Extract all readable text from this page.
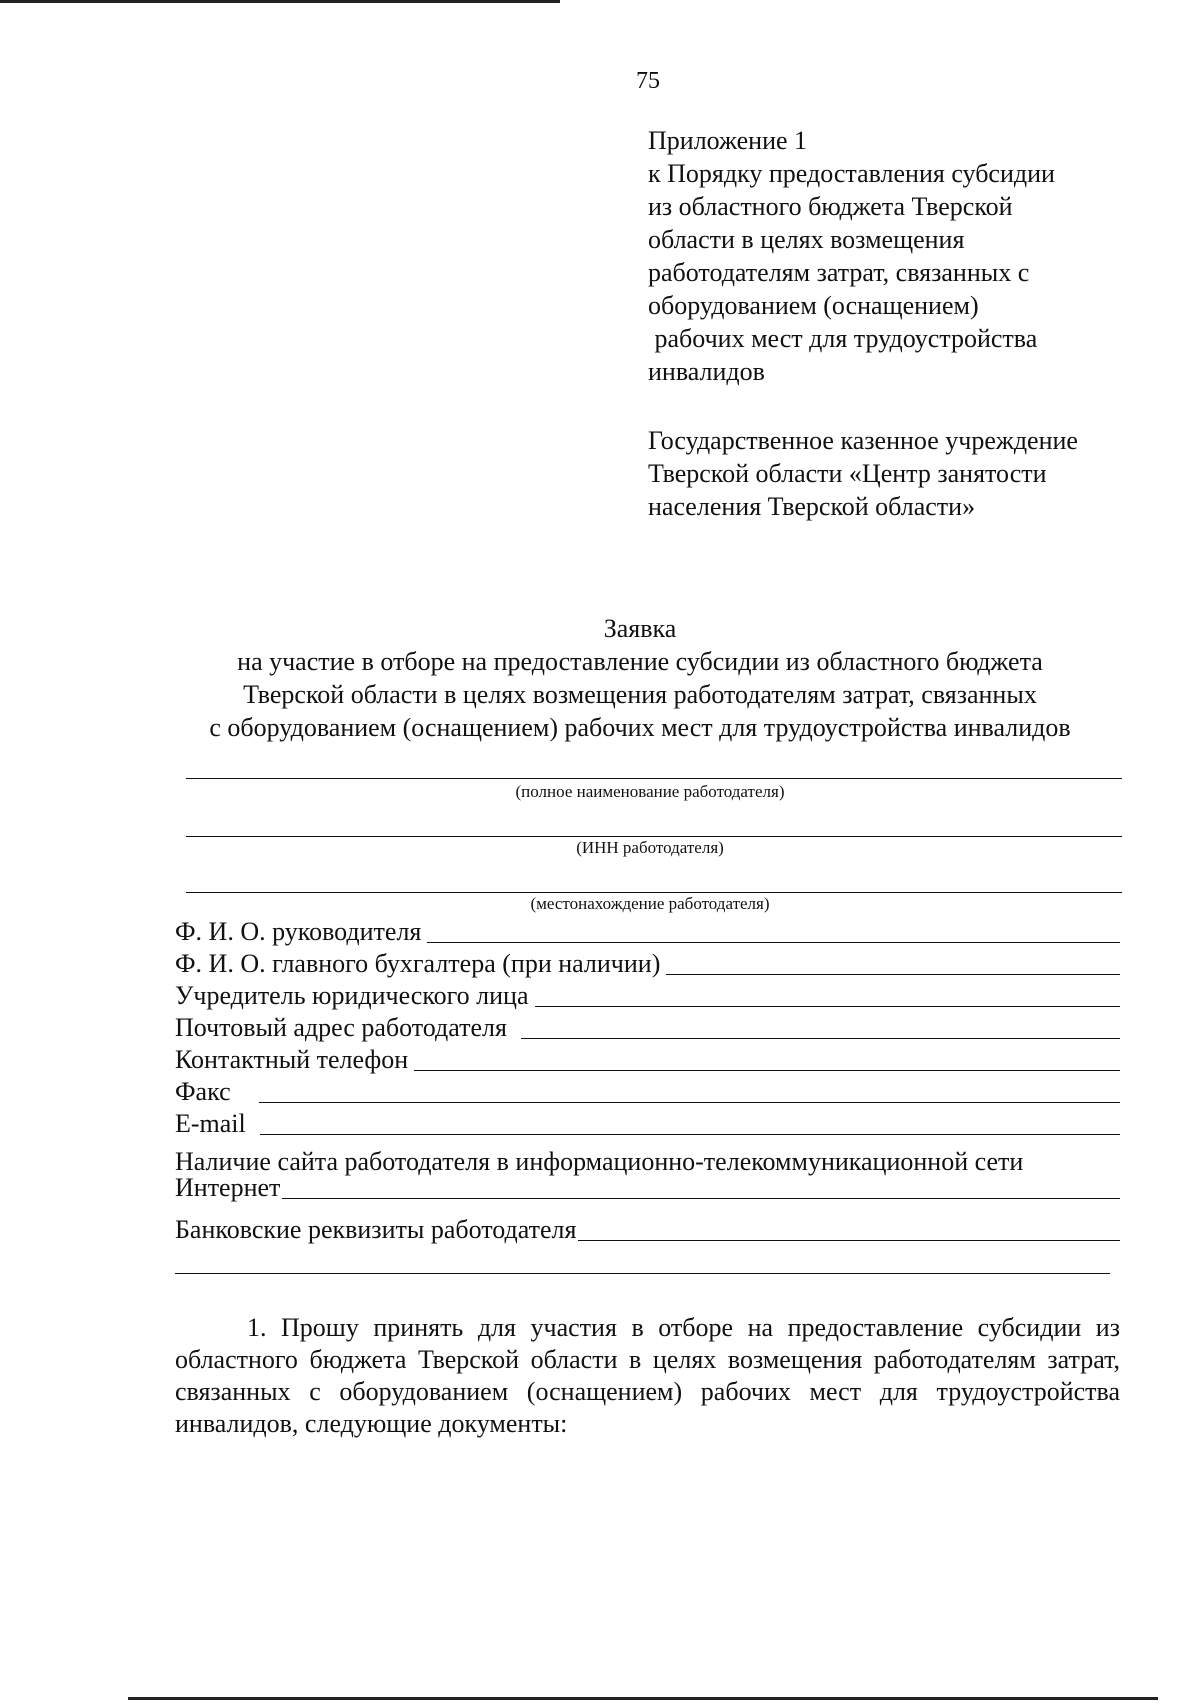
75
Приложение 1
к Порядку предоставления субсидии
из областного бюджета Тверской
области в целях возмещения
работодателям затрат, связанных с
оборудованием (оснащением)
рабочих мест для трудоустройства
инвалидов
Государственное казенное учреждение
Тверской области «Центр занятости
населения Тверской области»
Заявка
на участие в отборе на предоставление субсидии из областного бюджета
Тверской области в целях возмещения работодателям затрат, связанных
с оборудованием (оснащением) рабочих мест для трудоустройства инвалидов
(полное наименование работодателя)
(ИНН работодателя)
(местонахождение работодателя)
Ф. И. О. руководителя
Ф. И. О. главного бухгалтера (при наличии)
Учредитель юридического лица
Почтовый адрес работодателя
Контактный телефон
Факс
E-mail
Наличие сайта работодателя в информационно-телекоммуникационной сети
Интернет
Банковские реквизиты работодателя
1. Прошу принять для участия в отборе на предоставление субсидии из областного бюджета Тверской области в целях возмещения работодателям затрат, связанных с оборудованием (оснащением) рабочих мест для трудоустройства инвалидов, следующие документы:
